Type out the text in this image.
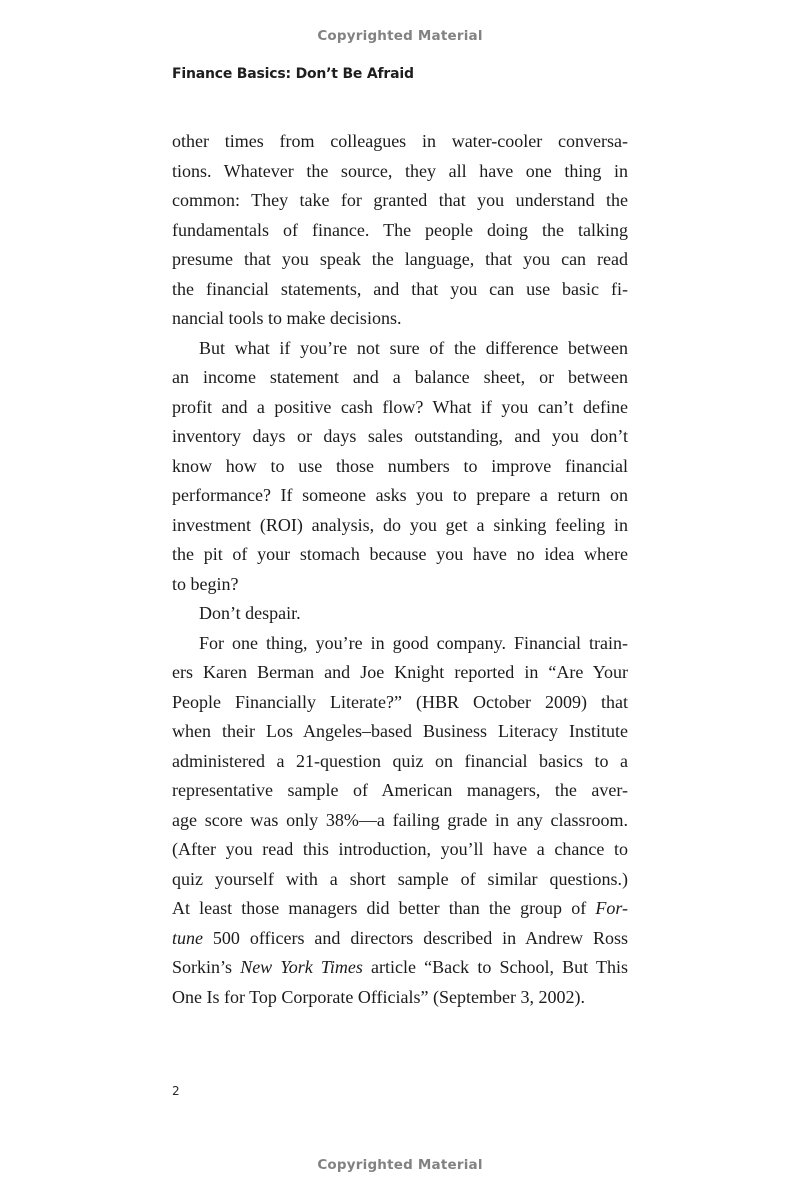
Copyrighted Material
Finance Basics: Don’t Be Afraid
other times from colleagues in water-cooler conversa-
tions. Whatever the source, they all have one thing in
common: They take for granted that you understand the
fundamentals of finance. The people doing the talking
presume that you speak the language, that you can read
the financial statements, and that you can use basic fi-
nancial tools to make decisions.
But what if you’re not sure of the difference between
an income statement and a balance sheet, or between
profit and a positive cash flow? What if you can’t define
inventory days or days sales outstanding, and you don’t
know how to use those numbers to improve financial
performance? If someone asks you to prepare a return on
investment (ROI) analysis, do you get a sinking feeling in
the pit of your stomach because you have no idea where
to begin?
Don’t despair.
For one thing, you’re in good company. Financial train-
ers Karen Berman and Joe Knight reported in “Are Your
People Financially Literate?” (HBR October 2009) that
when their Los Angeles–based Business Literacy Institute
administered a 21-question quiz on financial basics to a
representative sample of American managers, the aver-
age score was only 38%—a failing grade in any classroom.
(After you read this introduction, you’ll have a chance to
quiz yourself with a short sample of similar questions.)
At least those managers did better than the group of For-
tune 500 officers and directors described in Andrew Ross
Sorkin’s New York Times article “Back to School, But This
One Is for Top Corporate Officials” (September 3, 2002).
2
Copyrighted Material
